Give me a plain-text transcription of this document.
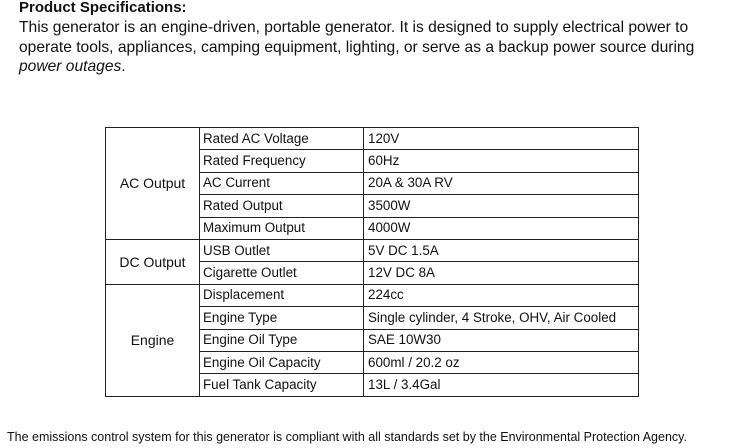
Product Specifications:
This generator is an engine-driven, portable generator. It is designed to supply electrical power to operate tools, appliances, camping equipment, lighting, or serve as a backup power source during power outages.
AC Output	Rated AC Voltage	120V
	Rated Frequency	60Hz
	AC Current	20A & 30A RV
	Rated Output	3500W
	Maximum Output	4000W
DC Output	USB Outlet	5V DC 1.5A
	Cigarette Outlet	12V DC 8A
Engine	Displacement	224cc
	Engine Type	Single cylinder, 4 Stroke, OHV, Air Cooled
	Engine Oil Type	SAE 10W30
	Engine Oil Capacity	600ml / 20.2 oz
	Fuel Tank Capacity	13L / 3.4Gal
The emissions control system for this generator is compliant with all standards set by the Environmental Protection Agency.
